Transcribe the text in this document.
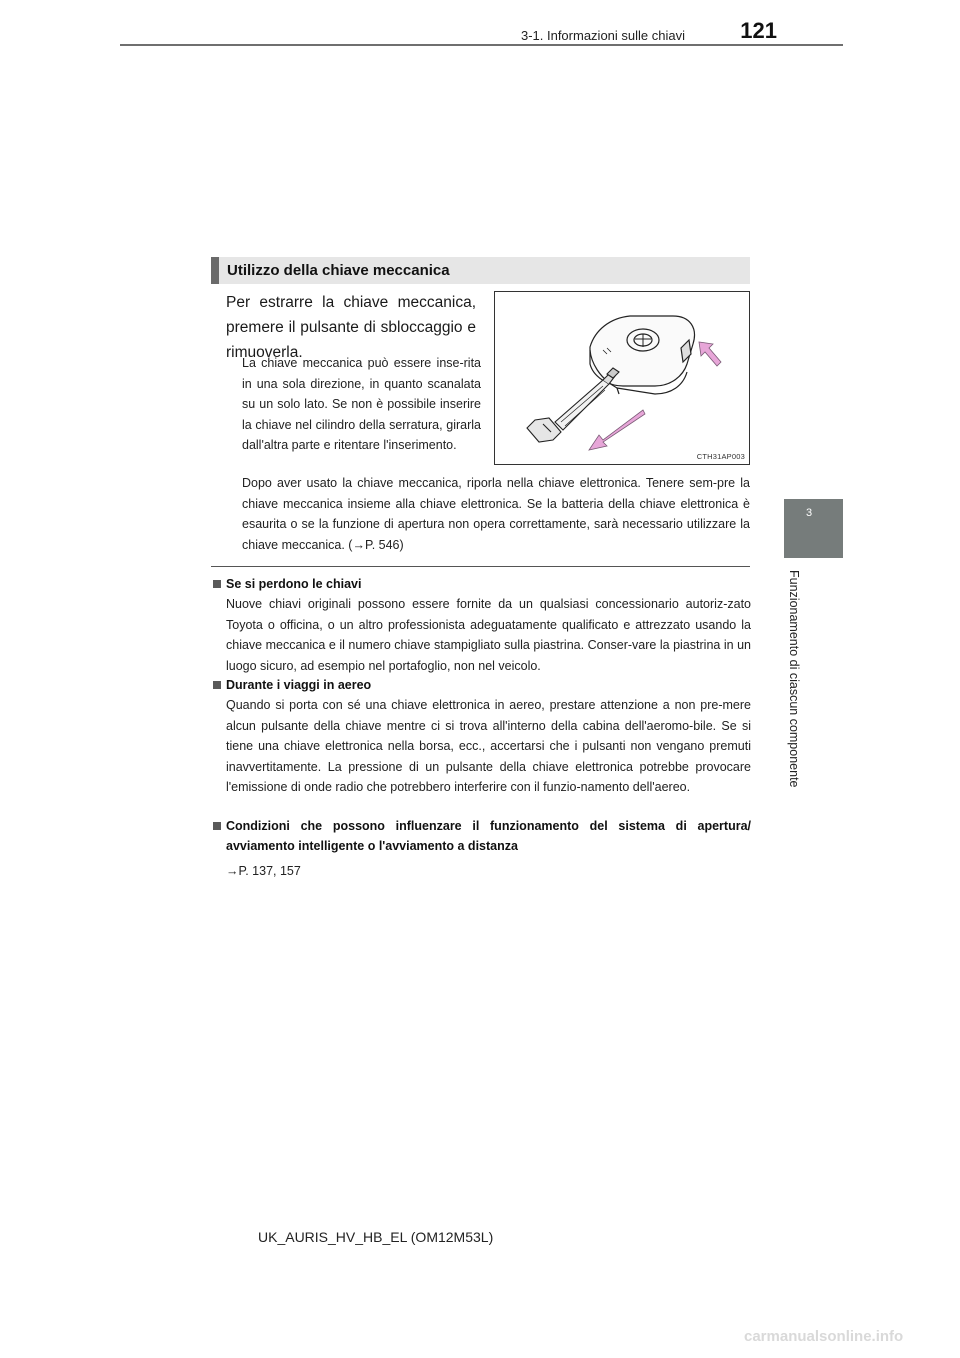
3-1. Informazioni sulle chiavi	121
3
Funzionamento di ciascun componente
Utilizzo della chiave meccanica
Per estrarre la chiave meccanica, premere il pulsante di sbloccaggio e rimuoverla.
La chiave meccanica può essere inse-rita in una sola direzione, in quanto scanalata su un solo lato. Se non è possibile inserire la chiave nel cilindro della serratura, girarla dall'altra parte e ritentare l'inserimento.
CTH31AP003
Dopo aver usato la chiave meccanica, riporla nella chiave elettronica. Tenere sem-pre la chiave meccanica insieme alla chiave elettronica. Se la batteria della chiave elettronica è esaurita o se la funzione di apertura non opera correttamente, sarà necessario utilizzare la chiave meccanica. (→P. 546)
Se si perdono le chiavi
Nuove chiavi originali possono essere fornite da un qualsiasi concessionario autoriz-zato Toyota o officina, o un altro professionista adeguatamente qualificato e attrezzato usando la chiave meccanica e il numero chiave stampigliato sulla piastrina. Conser-vare la piastrina in un luogo sicuro, ad esempio nel portafoglio, non nel veicolo.
Durante i viaggi in aereo
Quando si porta con sé una chiave elettronica in aereo, prestare attenzione a non pre-mere alcun pulsante della chiave mentre ci si trova all'interno della cabina dell'aeromo-bile. Se si tiene una chiave elettronica nella borsa, ecc., accertarsi che i pulsanti non vengano premuti inavvertitamente. La pressione di un pulsante della chiave elettronica potrebbe provocare l'emissione di onde radio che potrebbero interferire con il funzio-namento dell'aereo.
Condizioni che possono influenzare il funzionamento del sistema di apertura/ avviamento intelligente o l'avviamento a distanza
→P. 137, 157
UK_AURIS_HV_HB_EL (OM12M53L)
carmanualsonline.info
